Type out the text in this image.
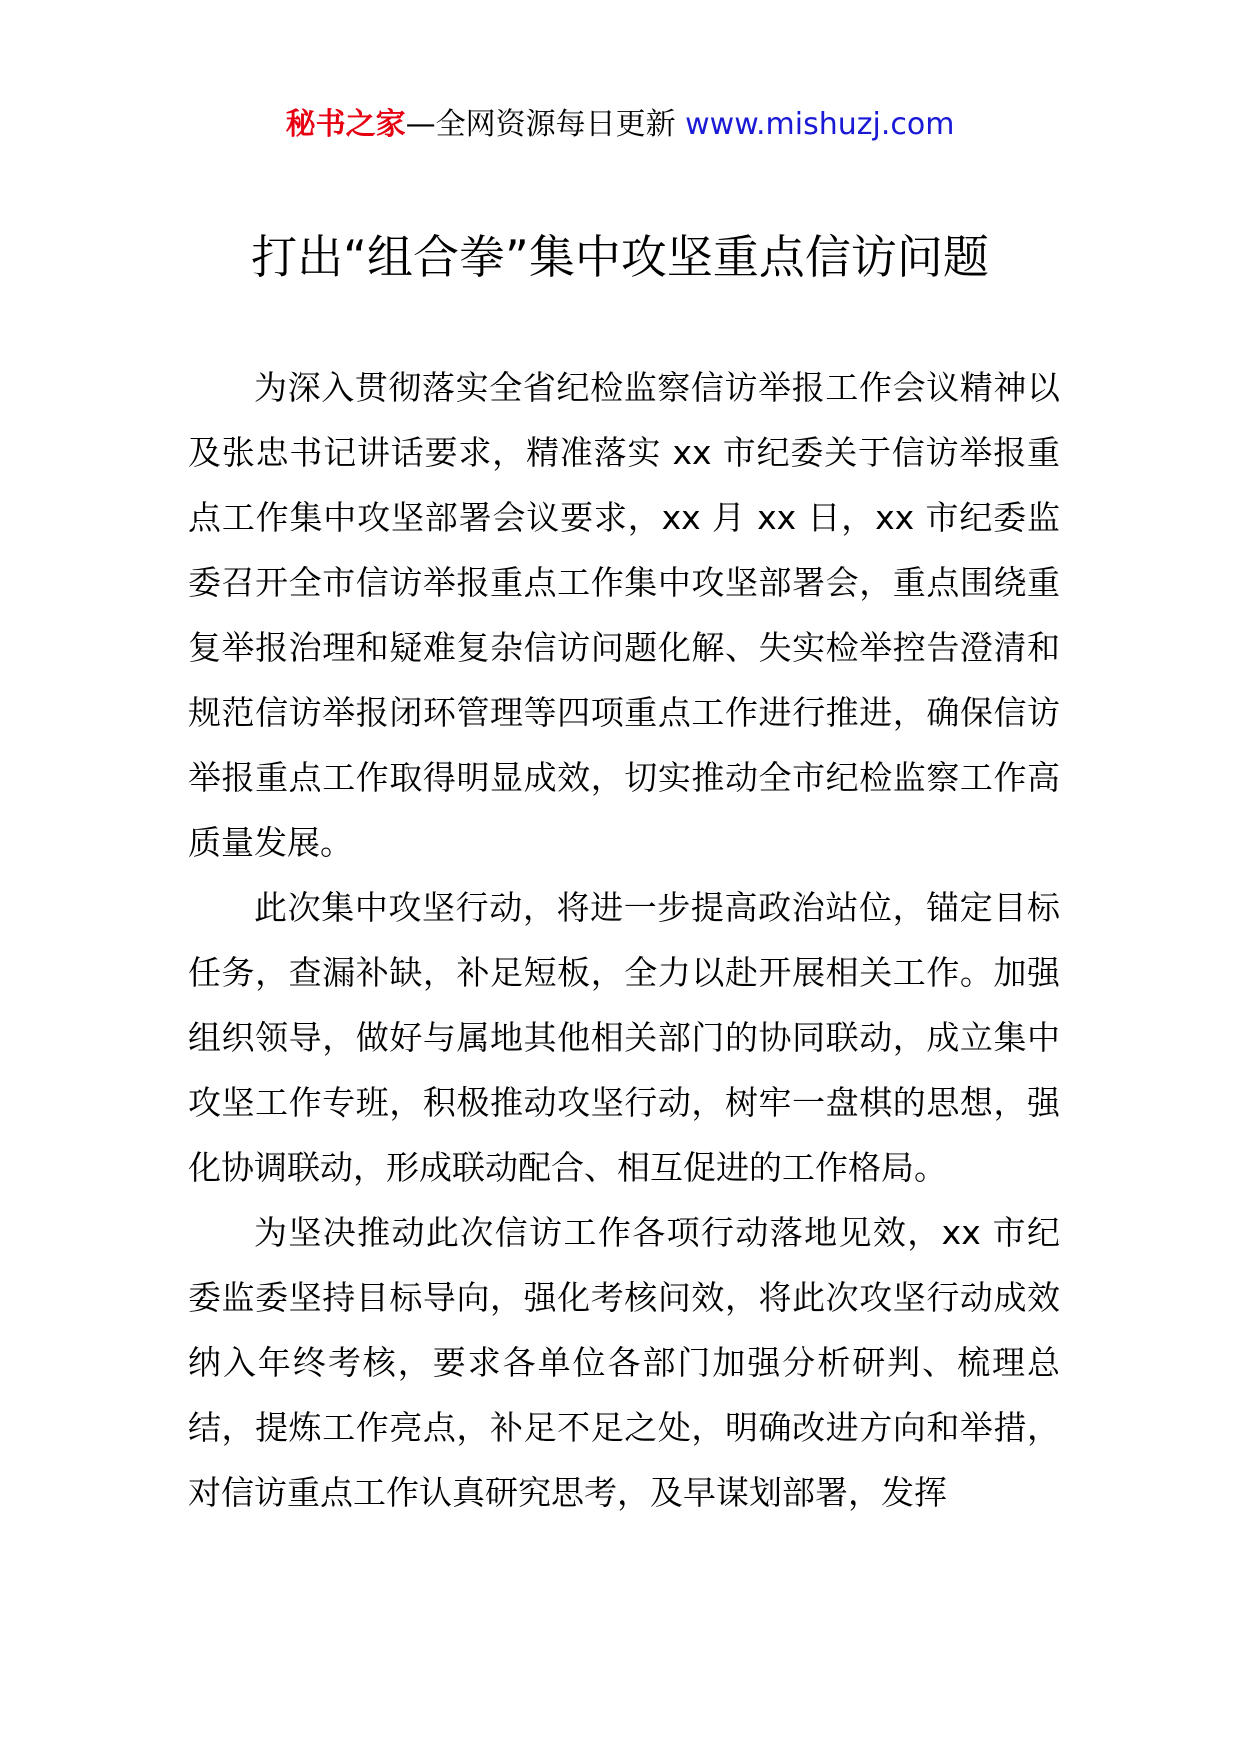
秘书之家—全网资源每日更新 www.mishuzj.com
打出“组合拳”集中攻坚重点信访问题

为深入贯彻落实全省纪检监察信访举报工作会议精神以及张忠书记讲话要求，精准落实 xx 市纪委关于信访举报重点工作集中攻坚部署会议要求，xx 月 xx 日，xx 市纪委监委召开全市信访举报重点工作集中攻坚部署会，重点围绕重复举报治理和疑难复杂信访问题化解、失实检举控告澄清和规范信访举报闭环管理等四项重点工作进行推进，确保信访举报重点工作取得明显成效，切实推动全市纪检监察工作高质量发展。

此次集中攻坚行动，将进一步提高政治站位，锚定目标任务，查漏补缺，补足短板，全力以赴开展相关工作。加强组织领导，做好与属地其他相关部门的协同联动，成立集中攻坚工作专班，积极推动攻坚行动，树牢一盘棋的思想，强化协调联动，形成联动配合、相互促进的工作格局。

为坚决推动此次信访工作各项行动落地见效，xx 市纪委监委坚持目标导向，强化考核问效，将此次攻坚行动成效纳入年终考核，要求各单位各部门加强分析研判、梳理总结，提炼工作亮点，补足不足之处，明确改进方向和举措，对信访重点工作认真研究思考，及早谋划部署，发挥
